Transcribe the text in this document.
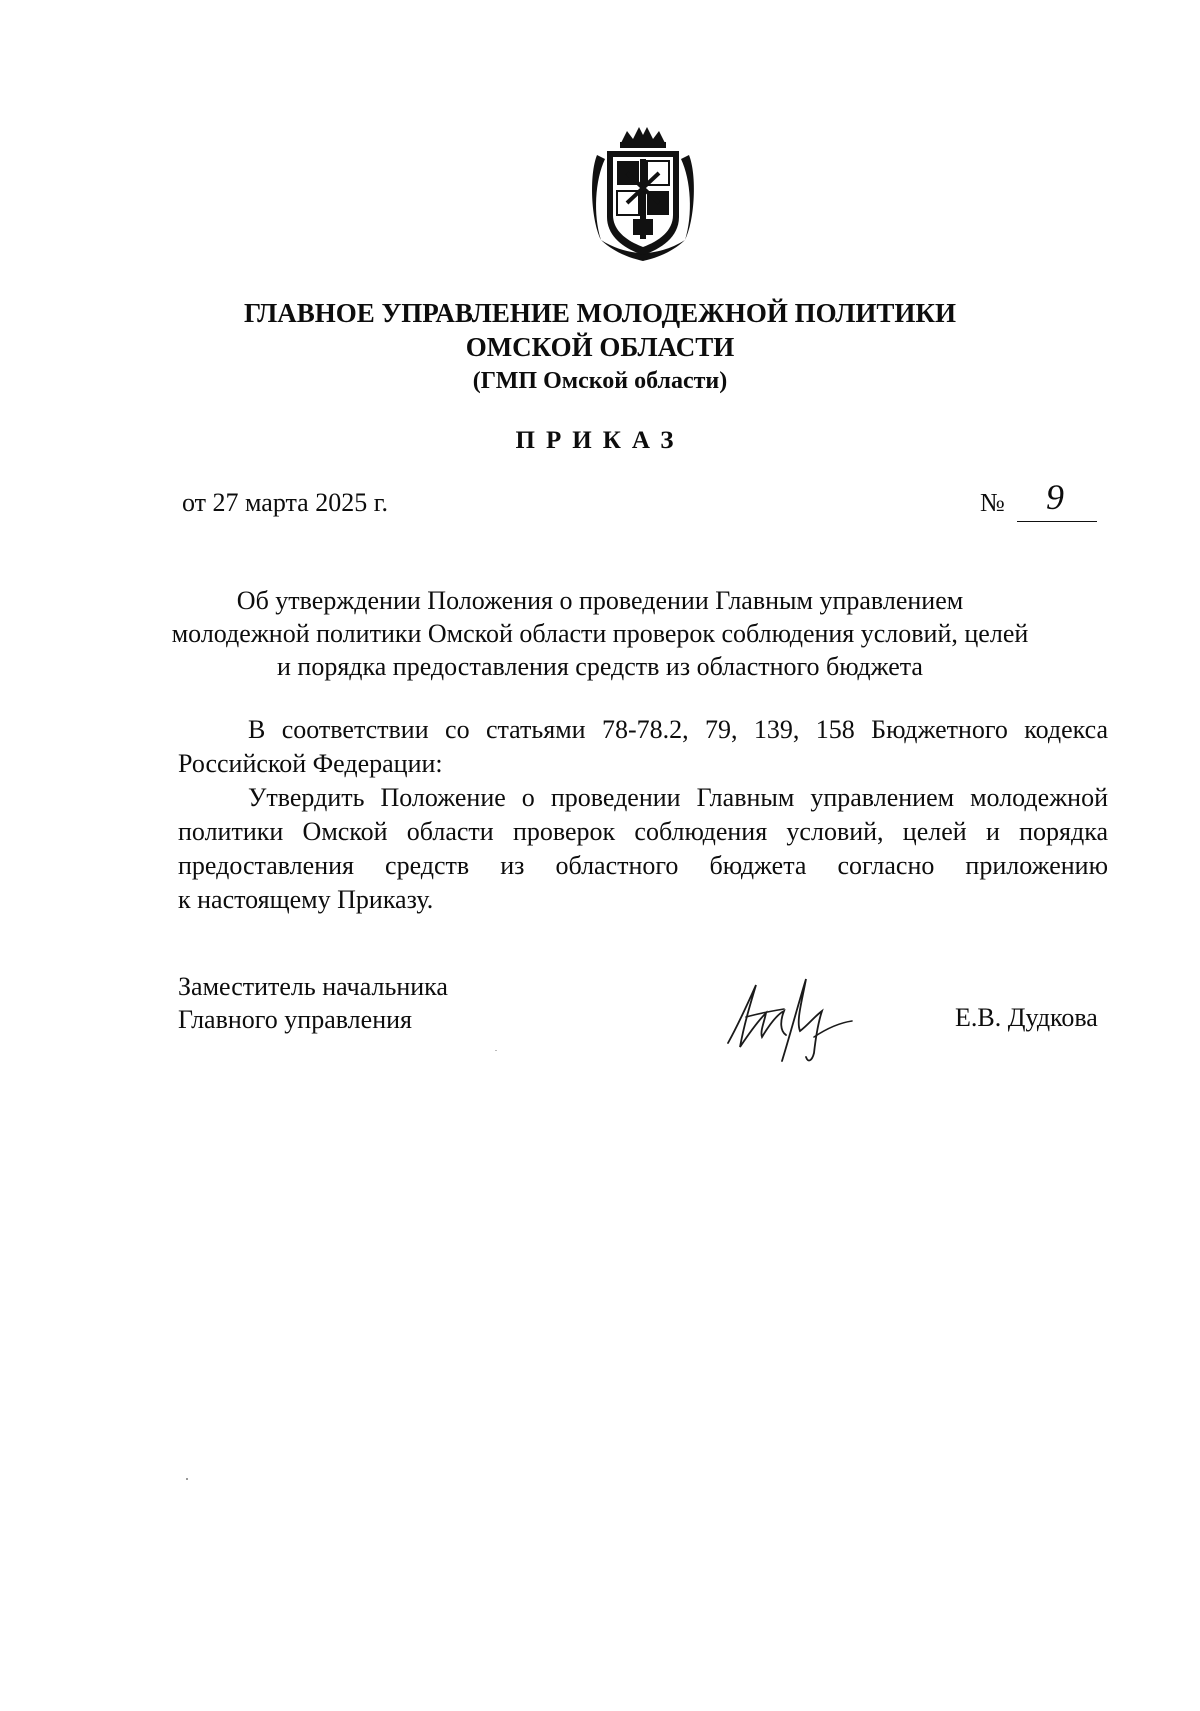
ГЛАВНОЕ УПРАВЛЕНИЕ МОЛОДЕЖНОЙ ПОЛИТИКИ
ОМСКОЙ ОБЛАСТИ
(ГМП Омской области)
ПРИКАЗ
от 27 марта 2025 г.	№	9
Об утверждении Положения о проведении Главным управлением
молодежной политики Омской области проверок соблюдения условий, целей
и порядка предоставления средств из областного бюджета
В соответствии со статьями 78-78.2, 79, 139, 158 Бюджетного кодекса
Российской Федерации:
Утвердить Положение о проведении Главным управлением молодежной
политики Омской области проверок соблюдения условий, целей и порядка
предоставления средств из областного бюджета согласно приложению
к настоящему Приказу.
Заместитель начальника
Главного управления	Е.В. Дудкова
